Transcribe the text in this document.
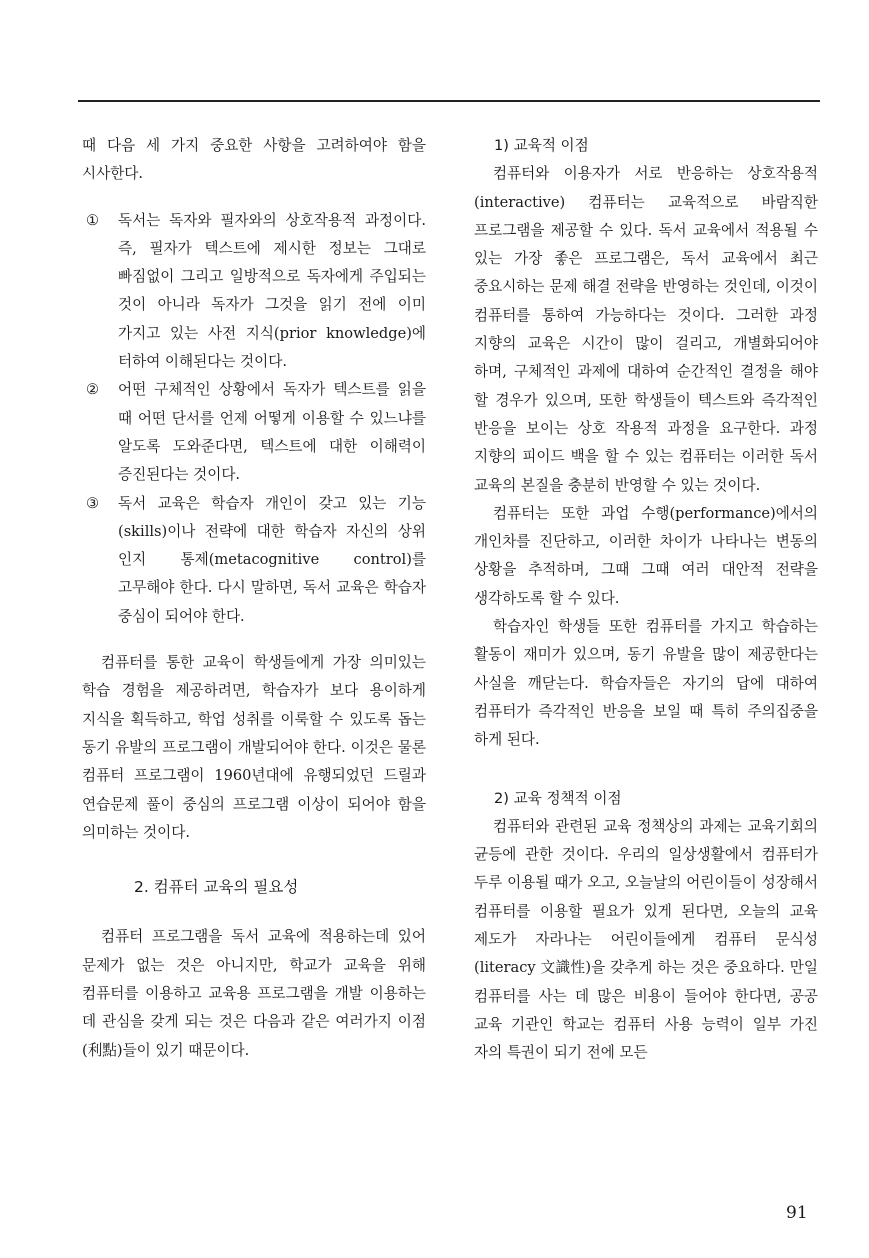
때 다음 세 가지 중요한 사항을 고려하여야 함을 시사한다.

① 독서는 독자와 필자와의 상호작용적 과정이다. 즉, 필자가 텍스트에 제시한 정보는 그대로 빠짐없이 그리고 일방적으로 독자에게 주입되는 것이 아니라 독자가 그것을 읽기 전에 이미 가지고 있는 사전 지식(prior knowledge)에 터하여 이해된다는 것이다.
② 어떤 구체적인 상황에서 독자가 텍스트를 읽을 때 어떤 단서를 언제 어떻게 이용할 수 있느냐를 알도록 도와준다면, 텍스트에 대한 이해력이 증진된다는 것이다.
③ 독서 교육은 학습자 개인이 갖고 있는 기능(skills)이나 전략에 대한 학습자 자신의 상위 인지 통제(metacognitive control)를 고무해야 한다. 다시 말하면, 독서 교육은 학습자 중심이 되어야 한다.

컴퓨터를 통한 교육이 학생들에게 가장 의미있는 학습 경험을 제공하려면, 학습자가 보다 용이하게 지식을 획득하고, 학업 성취를 이룩할 수 있도록 돕는 동기 유발의 프로그램이 개발되어야 한다. 이것은 물론 컴퓨터 프로그램이 1960년대에 유행되었던 드릴과 연습문제 풀이 중심의 프로그램 이상이 되어야 함을 의미하는 것이다.

2. 컴퓨터 교육의 필요성

컴퓨터 프로그램을 독서 교육에 적용하는데 있어 문제가 없는 것은 아니지만, 학교가 교육을 위해 컴퓨터를 이용하고 교육용 프로그램을 개발 이용하는 데 관심을 갖게 되는 것은 다음과 같은 여러가지 이점(利點)들이 있기 때문이다.

1) 교육적 이점

컴퓨터와 이용자가 서로 반응하는 상호작용적(interactive) 컴퓨터는 교육적으로 바람직한 프로그램을 제공할 수 있다. 독서 교육에서 적용될 수 있는 가장 좋은 프로그램은, 독서 교육에서 최근 중요시하는 문제 해결 전략을 반영하는 것인데, 이것이 컴퓨터를 통하여 가능하다는 것이다. 그러한 과정 지향의 교육은 시간이 많이 걸리고, 개별화되어야 하며, 구체적인 과제에 대하여 순간적인 결정을 해야 할 경우가 있으며, 또한 학생들이 텍스트와 즉각적인 반응을 보이는 상호 작용적 과정을 요구한다. 과정 지향의 피이드 백을 할 수 있는 컴퓨터는 이러한 독서 교육의 본질을 충분히 반영할 수 있는 것이다.

컴퓨터는 또한 과업 수행(performance)에서의 개인차를 진단하고, 이러한 차이가 나타나는 변동의 상황을 추적하며, 그때 그때 여러 대안적 전략을 생각하도록 할 수 있다.

학습자인 학생들 또한 컴퓨터를 가지고 학습하는 활동이 재미가 있으며, 동기 유발을 많이 제공한다는 사실을 깨닫는다. 학습자들은 자기의 답에 대하여 컴퓨터가 즉각적인 반응을 보일 때 특히 주의집중을 하게 된다.

2) 교육 정책적 이점

컴퓨터와 관련된 교육 정책상의 과제는 교육기회의 균등에 관한 것이다. 우리의 일상생활에서 컴퓨터가 두루 이용될 때가 오고, 오늘날의 어린이들이 성장해서 컴퓨터를 이용할 필요가 있게 된다면, 오늘의 교육 제도가 자라나는 어린이들에게 컴퓨터 문식성(literacy 文識性)을 갖추게 하는 것은 중요하다. 만일 컴퓨터를 사는 데 많은 비용이 들어야 한다면, 공공 교육 기관인 학교는 컴퓨터 사용 능력이 일부 가진 자의 특권이 되기 전에 모든

91
